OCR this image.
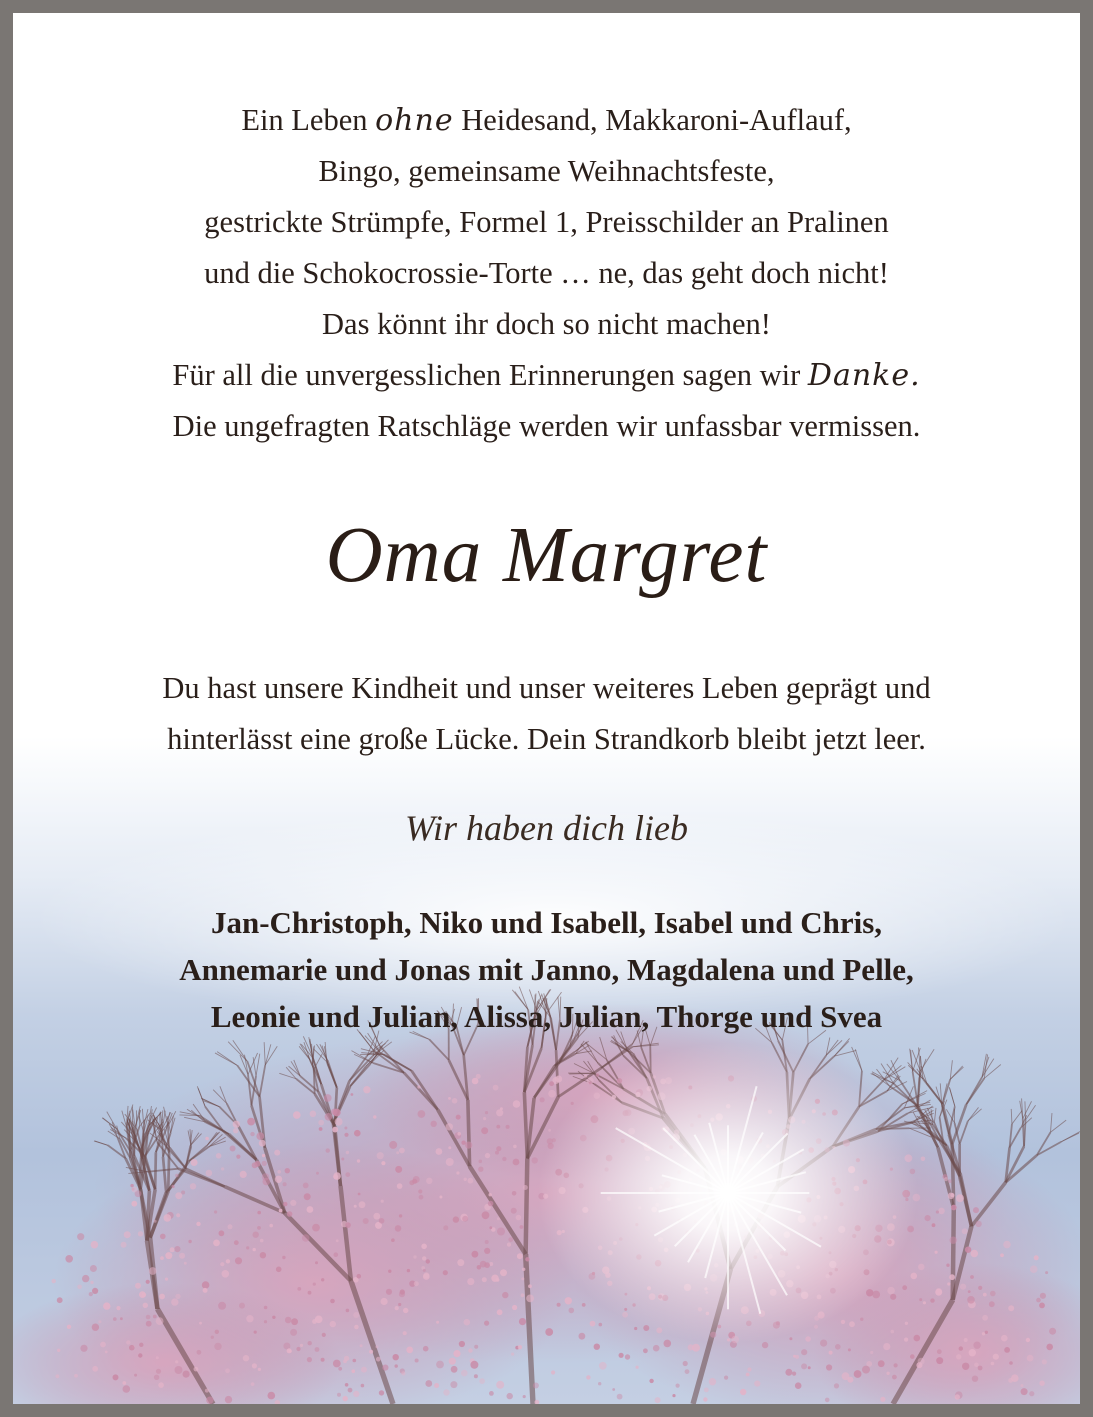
Ein Leben ohne Heidesand, Makkaroni-Auflauf,
Bingo, gemeinsame Weihnachtsfeste,
gestrickte Strümpfe, Formel 1, Preisschilder an Pralinen
und die Schokocrossie-Torte … ne, das geht doch nicht!
Das könnt ihr doch so nicht machen!
Für all die unvergesslichen Erinnerungen sagen wir Danke.
Die ungefragten Ratschläge werden wir unfassbar vermissen.
Oma Margret
Du hast unsere Kindheit und unser weiteres Leben geprägt und
hinterlässt eine große Lücke. Dein Strandkorb bleibt jetzt leer.
Wir haben dich lieb
Jan-Christoph, Niko und Isabell, Isabel und Chris,
Annemarie und Jonas mit Janno, Magdalena und Pelle,
Leonie und Julian, Alissa, Julian, Thorge und Svea
